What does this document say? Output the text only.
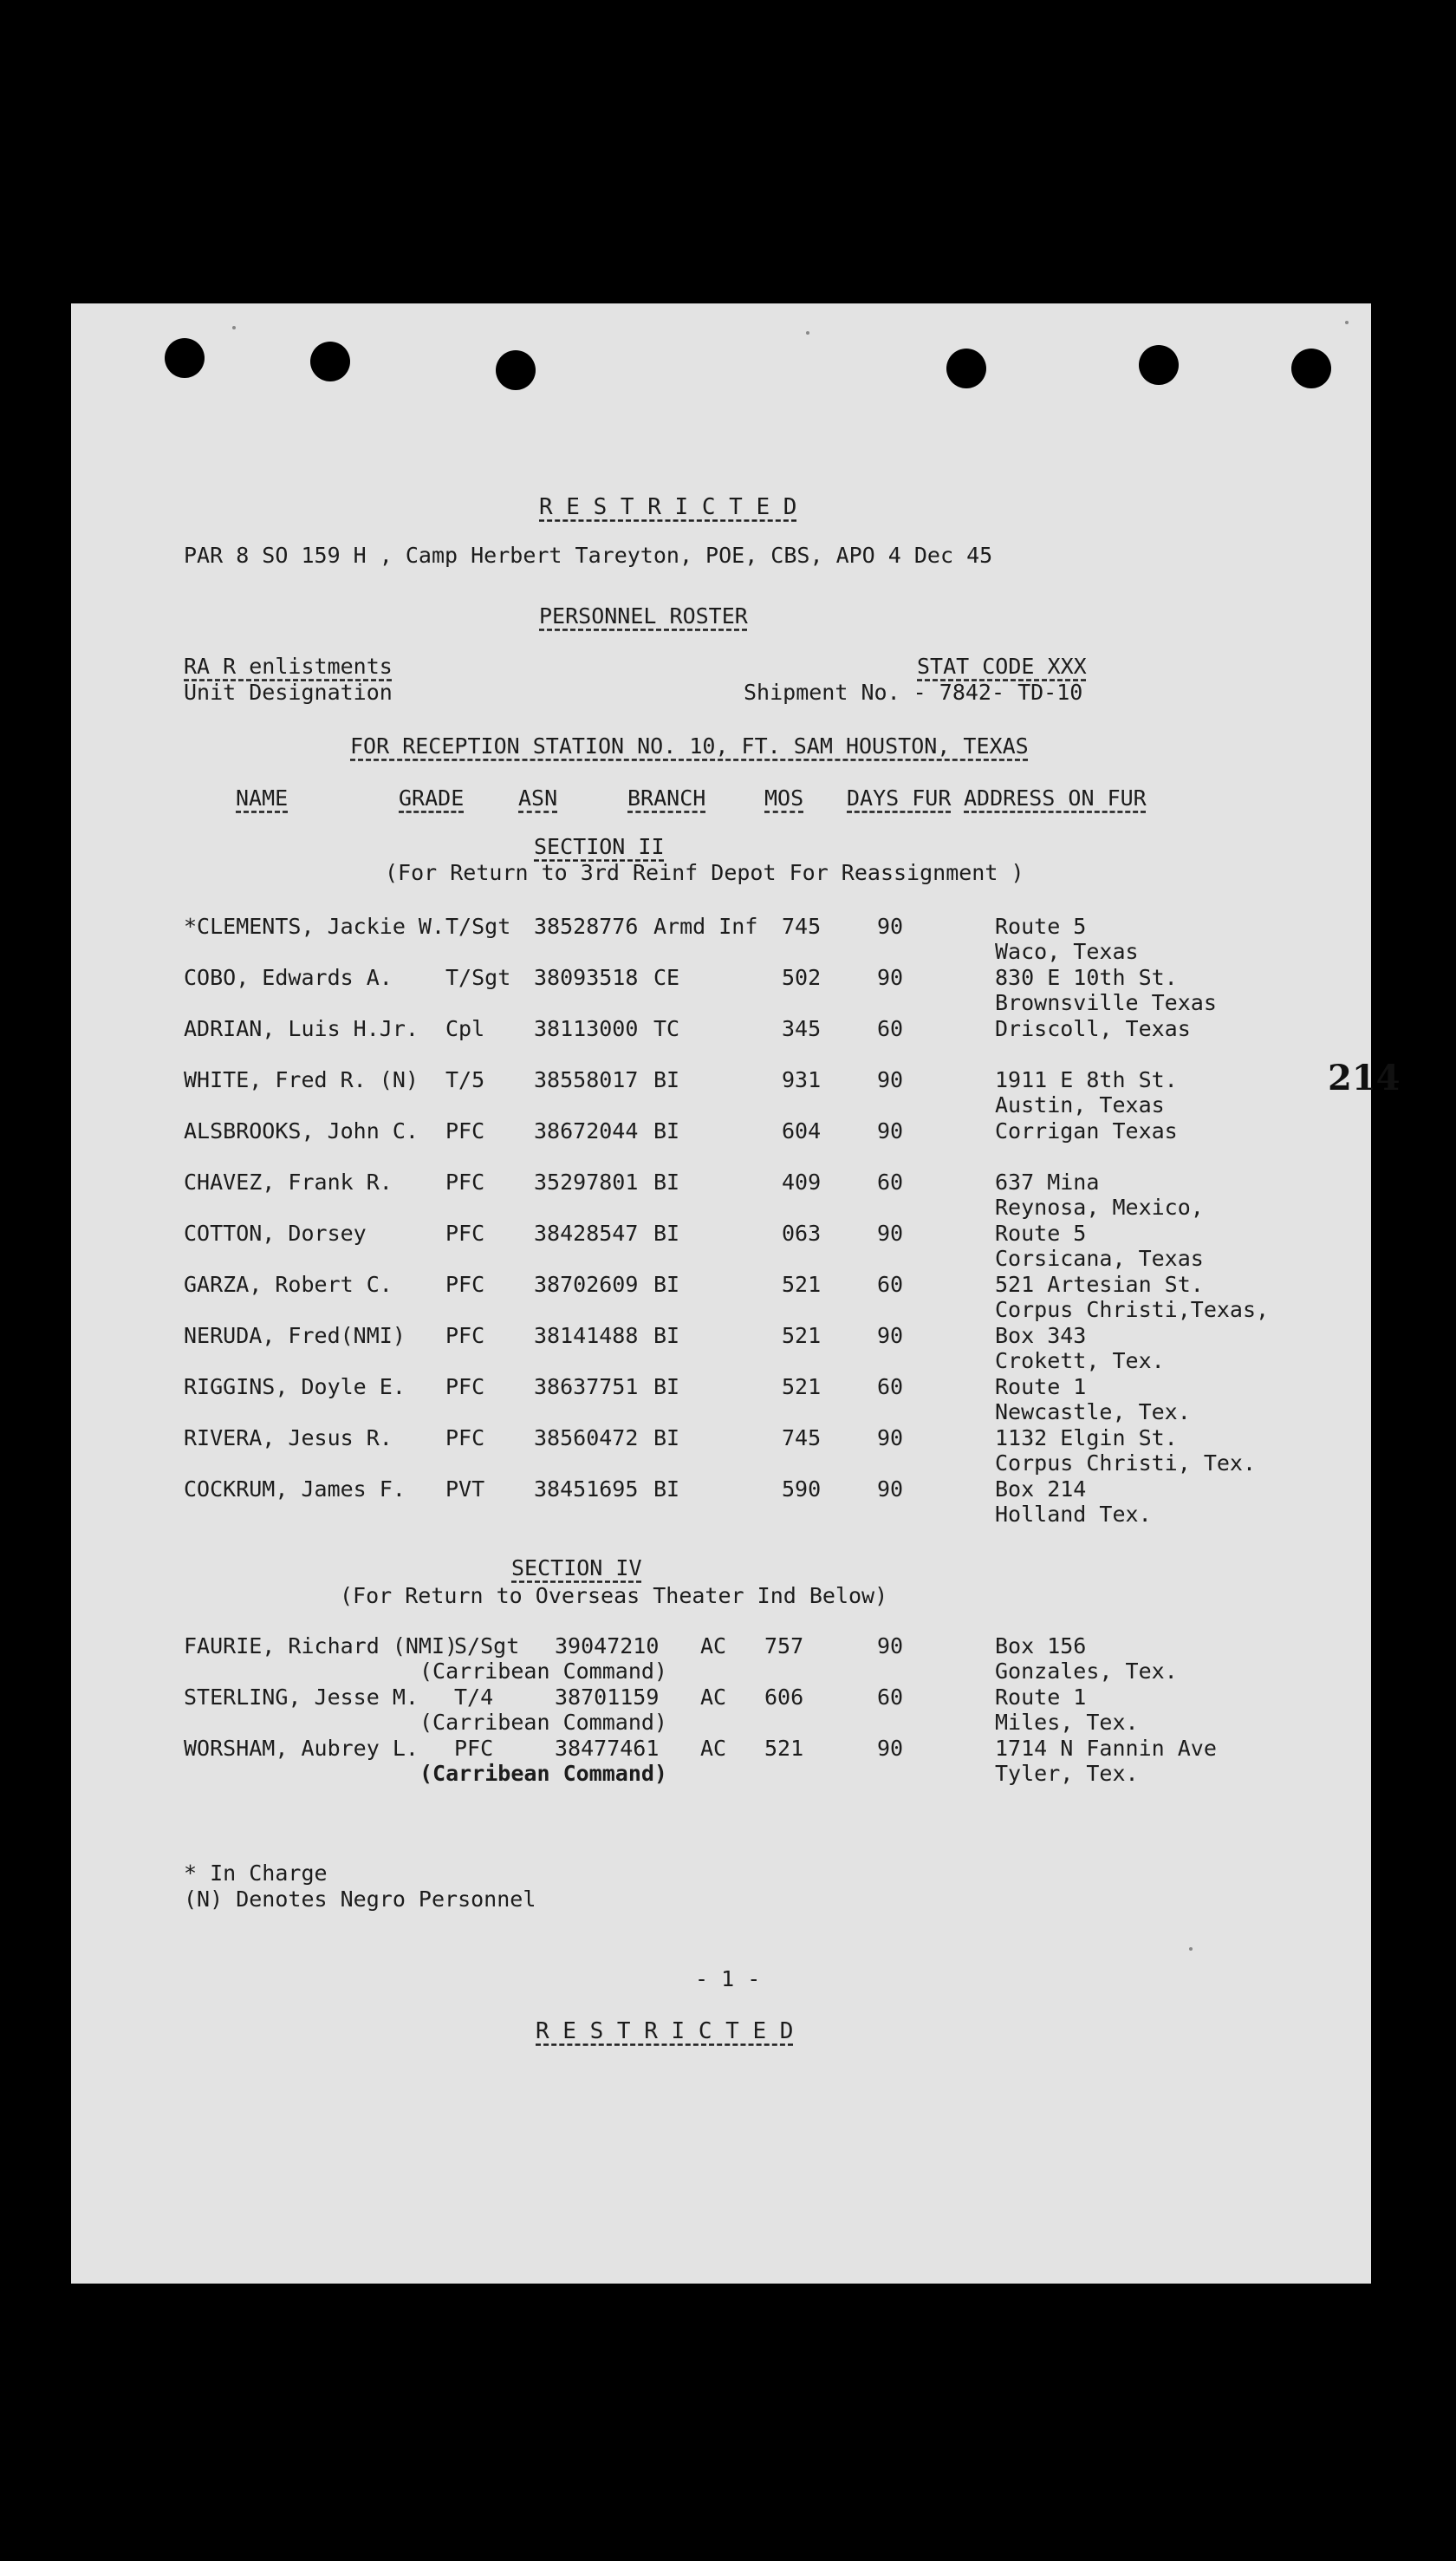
R E S T R I C T E D
PAR 8 SO 159 H , Camp Herbert Tareyton, POE, CBS, APO 4 Dec 45
PERSONNEL ROSTER
RA R enlistments
Unit Designation
STAT CODE XXX
Shipment No. - 7842- TD-10
FOR RECEPTION STATION NO. 10, FT. SAM HOUSTON, TEXAS
214
NAME	GRADE	ASN	BRANCH	MOS DAYS FUR ADDRESS ON FUR
SECTION II
(For Return to 3rd Reinf Depot For Reassignment )
*CLEMENTS, Jackie W. T/Sgt 38528776 Armd Inf 745	90	Route 5
Waco, Texas
COBO, Edwards A. T/Sgt 38093518 CE	502	90	830 E 10th St.
Brownsville Texas
ADRIAN, Luis H.Jr. Cpl 38113000 TC	345	60	Driscoll, Texas
WHITE, Fred R. (N) T/5 38558017 BI	931	90	1911 E 8th St.
Austin, Texas
ALSBROOKS, John C. PFC 38672044 BI	604	90	Corrigan Texas
CHAVEZ, Frank R. PFC 35297801 BI	409	60	637 Mina
Reynosa, Mexico,
COTTON, Dorsey	PFC 38428547 BI	063	90	Route 5
Corsicana, Texas
GARZA, Robert C. PFC 38702609 BI	521	60	521 Artesian St.
Corpus Christi,Texas,
NERUDA, Fred(NMI) PFC 38141488 BI	521	90	Box 343
Crokett, Tex.
RIGGINS, Doyle E. PFC 38637751 BI	521	60	Route 1
Newcastle, Tex.
RIVERA, Jesus R. PFC 38560472 BI	745	90	1132 Elgin St.
Corpus Christi, Tex.
COCKRUM, James F. PVT 38451695 BI	590	90	Box 214
Holland Tex.
SECTION IV
(For Return to Overseas Theater Ind Below)
FAURIE, Richard (NMI)
S/Sgt 39047210 AC 757	90	Box 156
Gonzales, Tex.
(Carribean Command)
STERLING, Jesse M. T/4	38701159 AC 606	60	Route 1
Miles, Tex.
(Carribean Command)
WORSHAM, Aubrey L. PFC	38477461 AC 521	90	1714 N Fannin Ave
Tyler, Tex.
(Carribean Command)
* In Charge
(N) Denotes Negro Personnel
- 1 -
R E S T R I C T E D
